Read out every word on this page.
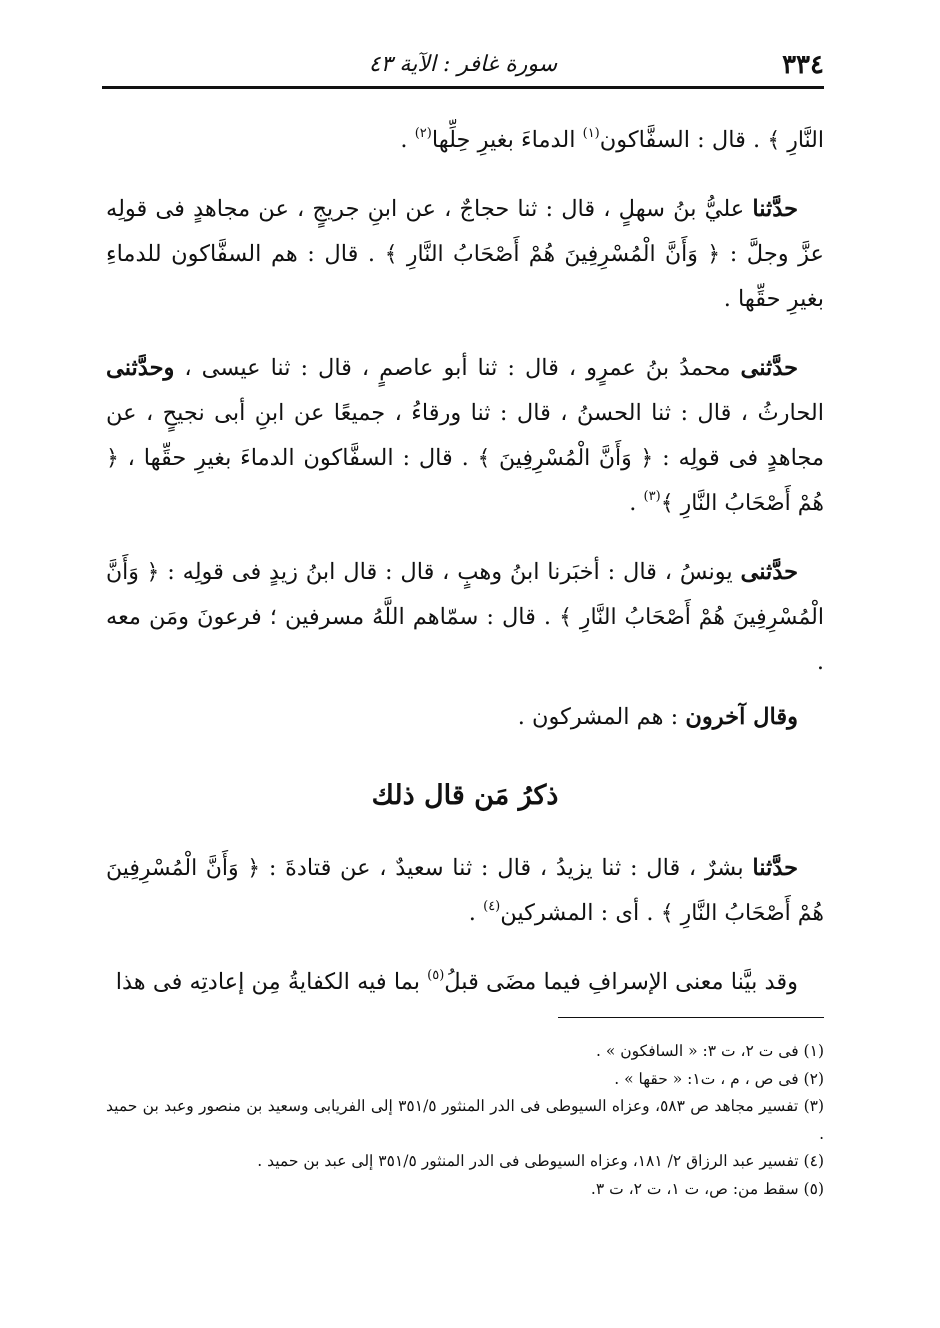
٣٣٤
سورة غافر : الآية ٤٣

النَّارِ ﴾ . قال : السفَّاكون$^{(١)}$ الدماءَ بغيرِ حِلِّها$^{(٢)}$ .

حدَّثنا عليُّ بنُ سهلٍ ، قال : ثنا حجاجٌ ، عن ابنِ جريجٍ ، عن مجاهدٍ فى قولِه عزَّ وجلَّ : ﴿ وَأَنَّ الْمُسْرِفِينَ هُمْ أَصْحَابُ النَّارِ ﴾ . قال : هم السفَّاكون للدماءِ بغيرِ حقِّها .

حدَّثنى محمدُ بنُ عمرٍو ، قال : ثنا أبو عاصمٍ ، قال : ثنا عيسى ، وحدَّثنى الحارثُ ، قال : ثنا الحسنُ ، قال : ثنا ورقاءُ ، جميعًا عن ابنِ أبى نجيحٍ ، عن مجاهدٍ فى قولِه : ﴿ وَأَنَّ الْمُسْرِفِينَ ﴾ . قال : السفَّاكون الدماءَ بغيرِ حقِّها ، ﴿ هُمْ أَصْحَابُ النَّارِ ﴾$^{(٣)}$ .

حدَّثنى يونسُ ، قال : أخبَرنا ابنُ وهبٍ ، قال : قال ابنُ زيدٍ فى قولِه : ﴿ وَأَنَّ الْمُسْرِفِينَ هُمْ أَصْحَابُ النَّارِ ﴾ . قال : سمّاهم اللَّهُ مسرفين ؛ فرعونَ ومَن معه .

وقال آخرون : هم المشركون .

ذكرُ مَن قال ذلك

حدَّثنا بشرٌ ، قال : ثنا يزيدُ ، قال : ثنا سعيدٌ ، عن قتادةَ : ﴿ وَأَنَّ الْمُسْرِفِينَ هُمْ أَصْحَابُ النَّارِ ﴾ . أى : المشركين$^{(٤)}$ .

وقد بيَّنا معنى الإسرافِ فيما مضَى قبلُ$^{(٥)}$ بما فيه الكفايةُ مِن إعادتِه فى هذا

(١) فى ت ٢، ت ٣: « السافكون » .

(٢) فى ص ، م ، ت١: « حقها » .

(٣) تفسير مجاهد ص ٥٨٣، وعزاه السيوطى فى الدر المنثور ٣٥١/٥ إلى الفريابى وسعيد بن منصور وعبد بن حميد .

(٤) تفسير عبد الرزاق ٢/ ١٨١، وعزاه السيوطى فى الدر المنثور ٣٥١/٥ إلى عبد بن حميد .

(٥) سقط من: ص، ت ١، ت ٢، ت ٣.
